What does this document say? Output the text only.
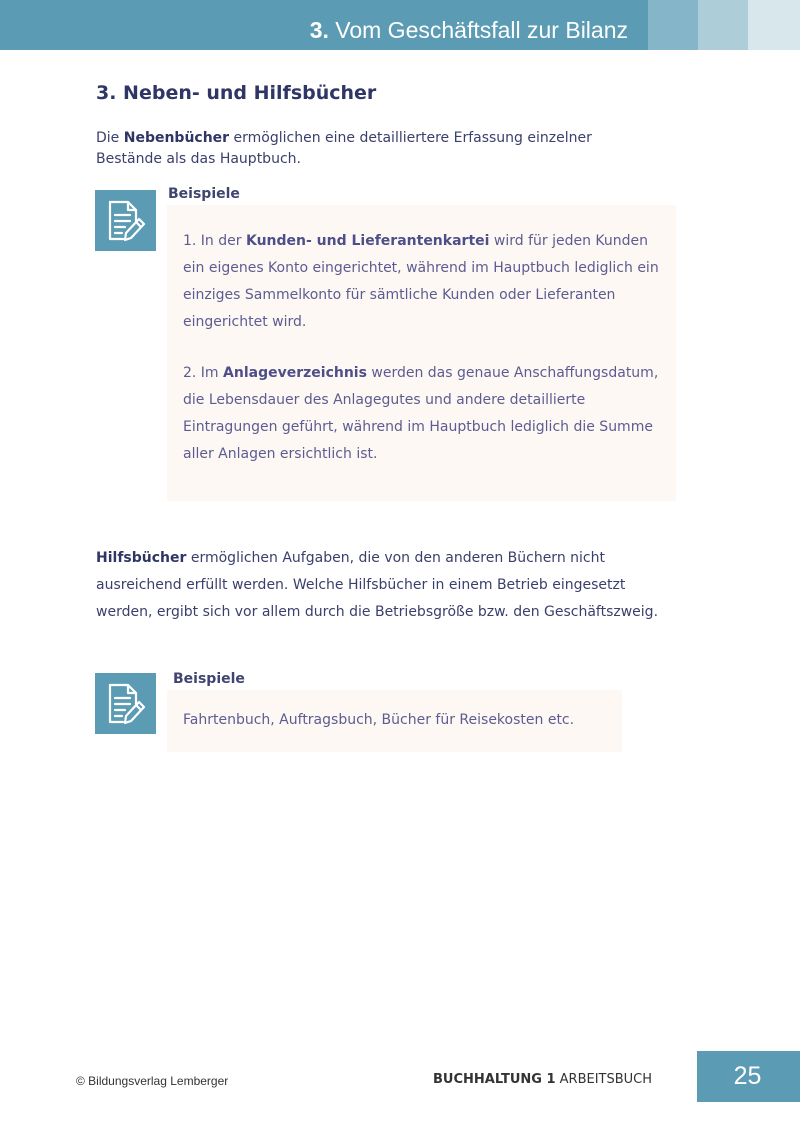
3. Vom Geschäftsfall zur Bilanz
3. Neben- und Hilfsbücher
Die Nebenbücher ermöglichen eine detailliertere Erfassung einzelner Bestände als das Hauptbuch.
Beispiele

1. In der Kunden- und Lieferantenkartei wird für jeden Kunden ein eigenes Konto eingerichtet, während im Hauptbuch lediglich ein einziges Sammelkonto für sämtliche Kunden oder Lieferanten eingerichtet wird.

2. Im Anlageverzeichnis werden das genaue Anschaffungsdatum, die Lebensdauer des Anlagegutes und andere detaillierte Eintragungen geführt, während im Hauptbuch lediglich die Summe aller Anlagen ersichtlich ist.

Hilfsbücher ermöglichen Aufgaben, die von den anderen Büchern nicht ausreichend erfüllt werden. Welche Hilfsbücher in einem Betrieb eingesetzt werden, ergibt sich vor allem durch die Betriebsgröße bzw. den Geschäftszweig.
Beispiele

Fahrtenbuch, Auftragsbuch, Bücher für Reisekosten etc.

© Bildungsverlag Lemberger	BUCHHALTUNG 1 ARBEITSBUCH	25
